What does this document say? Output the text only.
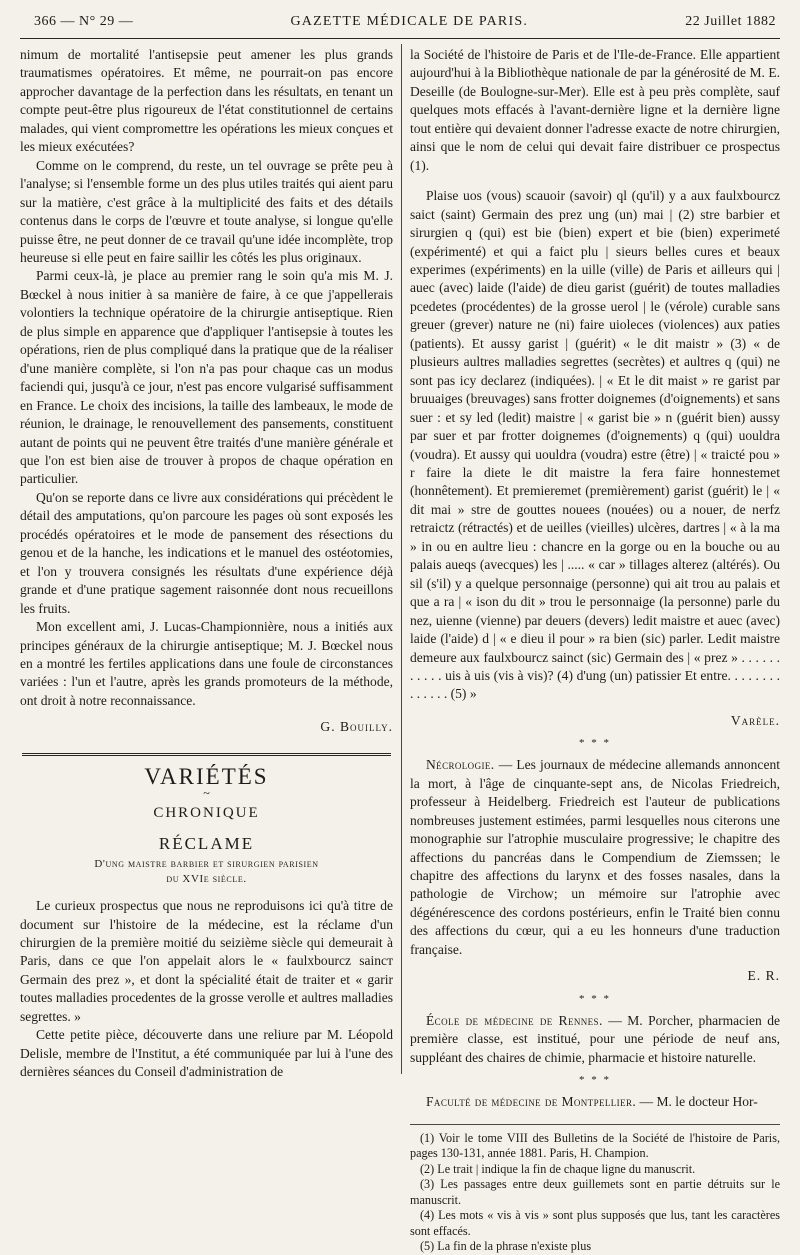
366 — N° 29 —	GAZETTE MÉDICALE DE PARIS.	22 Juillet 1882

nimum de mortalité l'antisepsie peut amener les plus grands traumatismes opératoires. Et même, ne pourrait-on pas encore approcher davantage de la perfection dans les résultats, en tenant un compte peut-être plus rigoureux de l'état constitutionnel de certains malades, qui vient compromettre les opérations les mieux conçues et les mieux exécutées?

Comme on le comprend, du reste, un tel ouvrage se prête peu à l'analyse; si l'ensemble forme un des plus utiles traités qui aient paru sur la matière, c'est grâce à la multiplicité des faits et des détails contenus dans le corps de l'œuvre et toute analyse, si longue qu'elle puisse être, ne peut donner de ce travail qu'une idée incomplète, trop heureuse si elle peut en faire saillir les côtés les plus originaux.

Parmi ceux-là, je place au premier rang le soin qu'a mis M. J. Bœckel à nous initier à sa manière de faire, à ce que j'appellerais volontiers la technique opératoire de la chirurgie antiseptique. Rien de plus simple en apparence que d'appliquer l'antisepsie à toutes les opérations, rien de plus compliqué dans la pratique que de la réaliser d'une manière complète, si l'on n'a pas pour chaque cas un modus faciendi qui, jusqu'à ce jour, n'est pas encore vulgarisé suffisamment en France. Le choix des incisions, la taille des lambeaux, le mode de réunion, le drainage, le renouvellement des pansements, constituent autant de points qui ne peuvent être traités d'une manière générale et que l'on est bien aise de trouver à propos de chaque opération en particulier.

Qu'on se reporte dans ce livre aux considérations qui précèdent le détail des amputations, qu'on parcoure les pages où sont exposés les procédés opératoires et le mode de pansement des résections du genou et de la hanche, les indications et le manuel des ostéotomies, et l'on y trouvera consignés les résultats d'une expérience déjà grande et d'une pratique sagement raisonnée dont nous recueillons les fruits.

Mon excellent ami, J. Lucas-Championnière, nous a initiés aux principes généraux de la chirurgie antiseptique; M. J. Bœckel nous en a montré les fertiles applications dans une foule de circonstances variées : l'un et l'autre, après les grands promoteurs de la méthode, ont droit à notre reconnaissance.

G. Bouilly.
VARIÉTÉS
~
CHRONIQUE
RÉCLAME
D'ung maistre barbier et sirurgien parisien
du XVIe siècle.

Le curieux prospectus que nous ne reproduisons ici qu'à titre de document sur l'histoire de la médecine, est la réclame d'un chirurgien de la première moitié du seizième siècle qui demeurait à Paris, dans ce que l'on appelait alors le « faulxbourcz saincт Germain des prez », et dont la spécialité était de traiter et « garir toutes malladies procedentes de la grosse verolle et aultres malladies segrettes. »

Cette petite pièce, découverte dans une reliure par M. Léopold Delisle, membre de l'Institut, a été communiquée par lui à l'une des dernières séances du Conseil d'administration de

la Société de l'histoire de Paris et de l'Ile-de-France. Elle appartient aujourd'hui à la Bibliothèque nationale de par la générosité de M. E. Deseille (de Boulogne-sur-Mer). Elle est à peu près complète, sauf quelques mots effacés à l'avant-dernière ligne et la dernière ligne tout entière qui devaient donner l'adresse exacte de notre chirurgien, ainsi que le nom de celui qui devait faire distribuer ce prospectus (1).

Plaise uos (vous) scauoir (savoir) ql (qu'il) y a aux faulxbourcz saict (saint) Germain des prez ung (un) mai | (2) stre barbier et sirurgien q (qui) est bie (bien) expert et bie (bien) experimeté (expérimenté) et qui a faict plu | sieurs belles cures et beaux experimes (expériments) en la uille (ville) de Paris et ailleurs qui | auec (avec) laide (l'aide) de dieu garist (guérit) de toutes malladies pcedetes (procédentes) de la grosse uerol | le (vérole) curable sans greuer (grever) nature ne (ni) faire uioleces (violences) aux paties (patients). Et aussy garist | (guérit) « le dit maistr » (3) « de plusieurs aultres malladies segrettes (secrètes) et aultres q (qui) ne sont pas icy declarez (indiquées). | « Et le dit maist » re garist par bruuaiges (breuvages) sans frotter doignemes (d'oignements) et sans suer : et sy led (ledit) maistre | « garist bie » n (guérit bien) aussy par suer et par frotter doignemes (d'oignements) q (qui) uouldra (voudra). Et aussy qui uouldra (voudra) estre (être) | « traicté pou » r faire la diete le dit maistre la fera faire honnestemet (honnêtement). Et premieremet (premièrement) garist (guérit) le | « dit mai » stre de gouttes nouees (nouées) ou a nouer, de nerfz retraictz (rétractés) et de ueilles (vieilles) ulcères, dartres | « à la ma » in ou en aultre lieu : chancre en la gorge ou en la bouche ou au palais aueqs (avecques) les | ..... « car » tillages alterez (altérés). Ou sil (s'il) y a quelque personnaige (personne) qui ait trou au palais et que a ra | « ison du dit » trou le personnaige (la personne) parle du nez, uienne (vienne) par deuers (devers) ledit maistre et auec (avec) laide (l'aide) d | « e dieu il pour » ra bien (sic) parler. Ledit maistre demeure aux faulxbourcz sainct (sic) Germain des | « prez » . . . . . . . . . . . uis à uis (vis à vis)? (4) d'ung (un) patissier Et entre. . . . . . . . . . . . . . (5) »

Varèle.
* * *

Nécrologie. — Les journaux de médecine allemands annoncent la mort, à l'âge de cinquante-sept ans, de Nicolas Friedreich, professeur à Heidelberg. Friedreich est l'auteur de publications nombreuses justement estimées, parmi lesquelles nous citerons une monographie sur l'atrophie musculaire progressive; le chapitre des affections du pancréas dans le Compendium de Ziemssen; le chapitre des affections du larynx et des fosses nasales, dans la pathologie de Virchow; un mémoire sur l'atrophie avec dégénérescence des cordons postérieurs, enfin le Traité bien connu des affections du cœur, qui a eu les honneurs d'une traduction française.

E. R.
* * *

École de médecine de Rennes. — M. Porcher, pharmacien de première classe, est institué, pour une période de neuf ans, suppléant des chaires de chimie, pharmacie et histoire naturelle.

* * *

Faculté de médecine de Montpellier. — M. le docteur Hor-

(1) Voir le tome VIII des Bulletins de la Société de l'histoire de Paris, pages 130-131, année 1881. Paris, H. Champion.

(2) Le trait | indique la fin de chaque ligne du manuscrit.

(3) Les passages entre deux guillemets sont en partie détruits sur le manuscrit.

(4) Les mots « vis à vis » sont plus supposés que lus, tant les caractères sont effacés.

(5) La fin de la phrase n'existe plus
